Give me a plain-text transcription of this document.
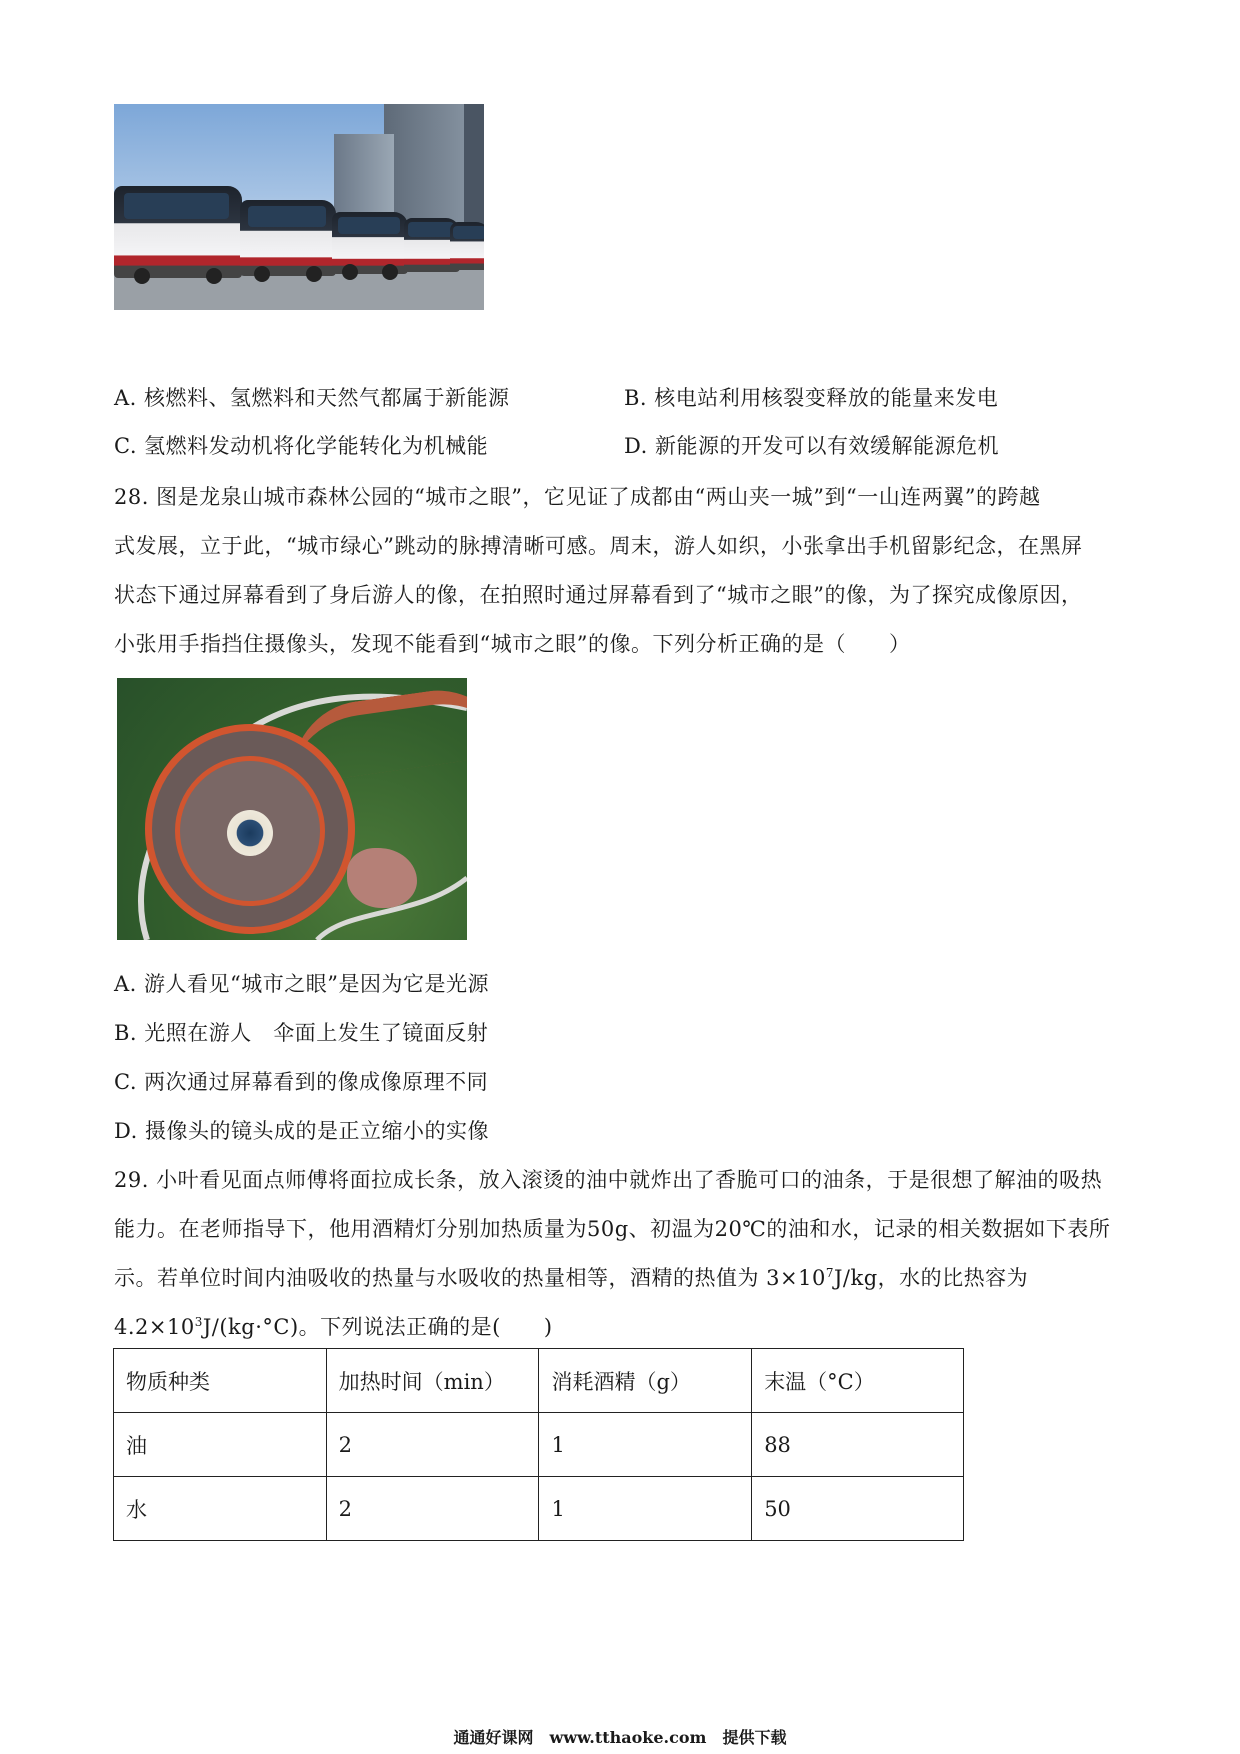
A. 核燃料、氢燃料和天然气都属于新能源	B. 核电站利用核裂变释放的能量来发电
C. 氢燃料发动机将化学能转化为机械能	D. 新能源的开发可以有效缓解能源危机
28. 图是龙泉山城市森林公园的“城市之眼”，它见证了成都由“两山夹一城”到“一山连两翼”的跨越
式发展，立于此，“城市绿心”跳动的脉搏清晰可感。周末，游人如织，小张拿出手机留影纪念，在黑屏
状态下通过屏幕看到了身后游人的像，在拍照时通过屏幕看到了“城市之眼”的像，为了探究成像原因，
小张用手指挡住摄像头，发现不能看到“城市之眼”的像。下列分析正确的是（　　）
A. 游人看见“城市之眼”是因为它是光源
B. 光照在游人　伞面上发生了镜面反射
C. 两次通过屏幕看到的像成像原理不同
D. 摄像头的镜头成的是正立缩小的实像
29. 小叶看见面点师傅将面拉成长条，放入滚烫的油中就炸出了香脆可口的油条，于是很想了解油的吸热
能力。在老师指导下，他用酒精灯分别加热质量为50g、初温为20℃的油和水，记录的相关数据如下表所
示。若单位时间内油吸收的热量与水吸收的热量相等，酒精的热值为 $3\times 10^7J/kg$，水的比热容为
$4.2\times 10^3J/(kg\cdot^\circ C)$。下列说法正确的是(　　)
物质种类	加热时间（min）	消耗酒精（g）	末温（°C）
油	2	1	88
水	2	1	50
通通好课网　www.tthaoke.com　提供下载
